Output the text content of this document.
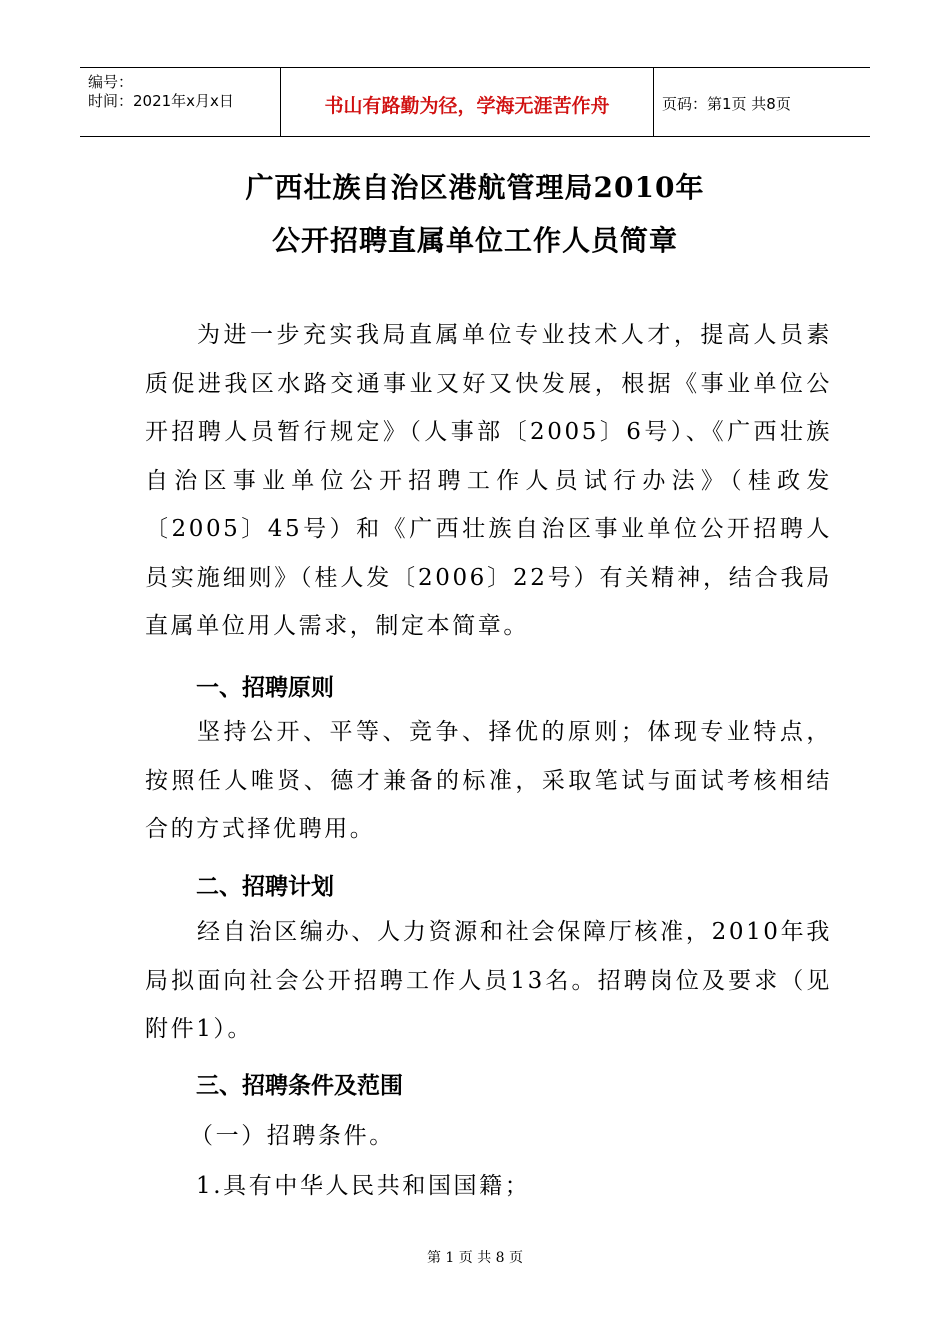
编号：
时间：2021年x月x日	书山有路勤为径，学海无涯苦作舟	页码：第1页 共8页
广西壮族自治区港航管理局2010年
公开招聘直属单位工作人员简章

为进一步充实我局直属单位专业技术人才，提高人员素质促进我区水路交通事业又好又快发展，根据《事业单位公开招聘人员暂行规定》（人事部〔2005〕6号）、《广西壮族自治区事业单位公开招聘工作人员试行办法》（桂政发〔2005〕45号）和《广西壮族自治区事业单位公开招聘人员实施细则》（桂人发〔2006〕22号）有关精神，结合我局直属单位用人需求，制定本简章。

一、招聘原则

坚持公开、平等、竞争、择优的原则；体现专业特点，按照任人唯贤、德才兼备的标准，采取笔试与面试考核相结合的方式择优聘用。

二、招聘计划

经自治区编办、人力资源和社会保障厅核准，2010年我局拟面向社会公开招聘工作人员13名。招聘岗位及要求（见附件1）。

三、招聘条件及范围
（一）招聘条件。
1.具有中华人民共和国国籍；
第 1 页 共 8 页
